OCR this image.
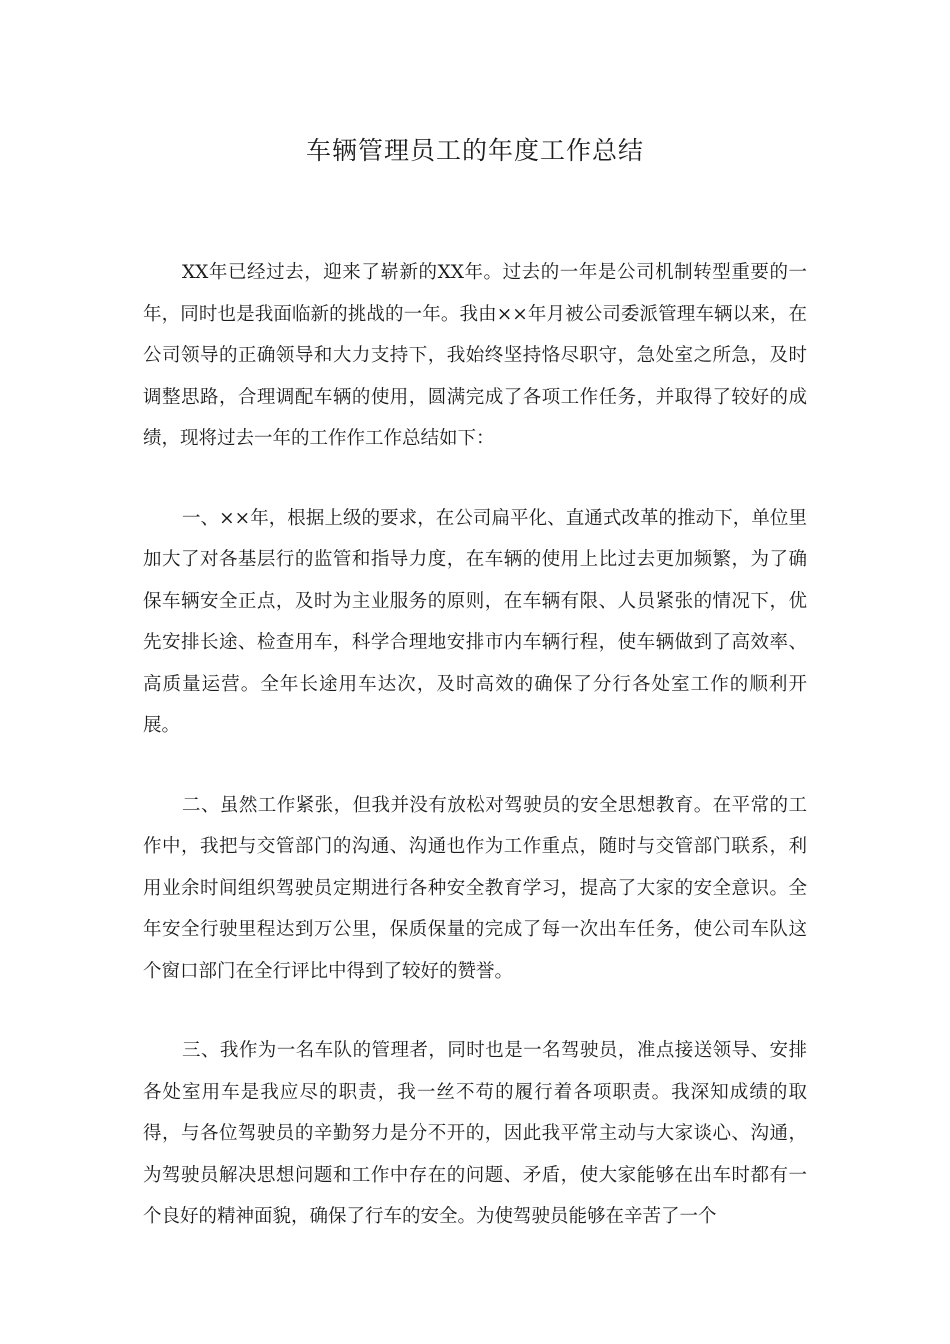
车辆管理员工的年度工作总结

XX年已经过去，迎来了崭新的XX年。过去的一年是公司机制转型重要的一年，同时也是我面临新的挑战的一年。我由××年月被公司委派管理车辆以来，在公司领导的正确领导和大力支持下，我始终坚持恪尽职守，急处室之所急，及时调整思路，合理调配车辆的使用，圆满完成了各项工作任务，并取得了较好的成绩，现将过去一年的工作作工作总结如下：

一、××年，根据上级的要求，在公司扁平化、直通式改革的推动下，单位里加大了对各基层行的监管和指导力度，在车辆的使用上比过去更加频繁，为了确保车辆安全正点，及时为主业服务的原则，在车辆有限、人员紧张的情况下，优先安排长途、检查用车，科学合理地安排市内车辆行程，使车辆做到了高效率、高质量运营。全年长途用车达次，及时高效的确保了分行各处室工作的顺利开展。

二、虽然工作紧张，但我并没有放松对驾驶员的安全思想教育。在平常的工作中，我把与交管部门的沟通、沟通也作为工作重点，随时与交管部门联系，利用业余时间组织驾驶员定期进行各种安全教育学习，提高了大家的安全意识。全年安全行驶里程达到万公里，保质保量的完成了每一次出车任务，使公司车队这个窗口部门在全行评比中得到了较好的赞誉。

三、我作为一名车队的管理者，同时也是一名驾驶员，准点接送领导、安排各处室用车是我应尽的职责，我一丝不苟的履行着各项职责。我深知成绩的取得，与各位驾驶员的辛勤努力是分不开的，因此我平常主动与大家谈心、沟通，为驾驶员解决思想问题和工作中存在的问题、矛盾，使大家能够在出车时都有一个良好的精神面貌，确保了行车的安全。为使驾驶员能够在辛苦了一个
